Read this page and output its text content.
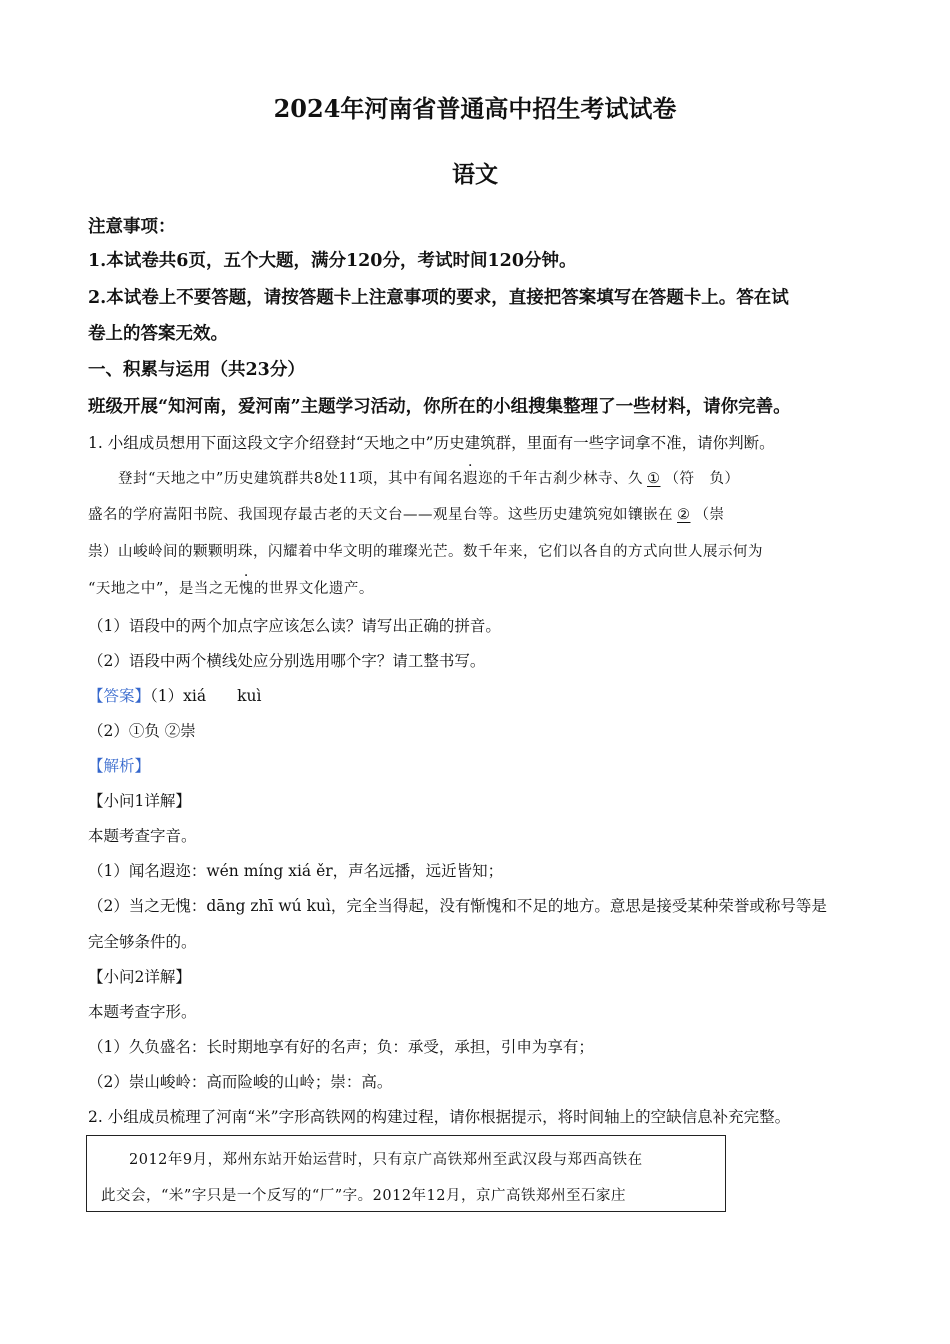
2024年河南省普通高中招生考试试卷
语文
注意事项：
1.本试卷共6页，五个大题，满分120分，考试时间120分钟。
2.本试卷上不要答题，请按答题卡上注意事项的要求，直接把答案填写在答题卡上。答在试
卷上的答案无效。
一、积累与运用（共23分）
班级开展“知河南，爱河南”主题学习活动，你所在的小组搜集整理了一些材料，请你完善。
1. 小组成员想用下面这段文字介绍登封“天地之中”历史建筑群，里面有一些字词拿不准，请你判断。
登封“天地之中”历史建筑群共8处11项，其中有闻名遐迩的千年古刹少林寺、久 ① （符　负）
盛名的学府嵩阳书院、我国现存最古老的天文台——观星台等。这些历史建筑宛如镶嵌在 ② （崇
祟）山峻岭间的颗颗明珠，闪耀着中华文明的璀璨光芒。数千年来，它们以各自的方式向世人展示何为
“天地之中”，是当之无愧的世界文化遗产。
（1）语段中的两个加点字应该怎么读？请写出正确的拼音。
（2）语段中两个横线处应分别选用哪个字？请工整书写。
【答案】（1）xiá　　kuì
（2）①负 ②崇
【解析】
【小问1详解】
本题考查字音。
（1）闻名遐迩：wén míng xiá ěr，声名远播，远近皆知；
（2）当之无愧：dāng zhī wú kuì，完全当得起，没有惭愧和不足的地方。意思是接受某种荣誉或称号等是
完全够条件的。
【小问2详解】
本题考查字形。
（1）久负盛名：长时期地享有好的名声；负：承受，承担，引申为享有；
（2）崇山峻岭：高而险峻的山岭；崇：高。
2. 小组成员梳理了河南“米”字形高铁网的构建过程，请你根据提示，将时间轴上的空缺信息补充完整。
2012年9月，郑州东站开始运营时，只有京广高铁郑州至武汉段与郑西高铁在
此交会，“米”字只是一个反写的“厂”字。2012年12月，京广高铁郑州至石家庄
